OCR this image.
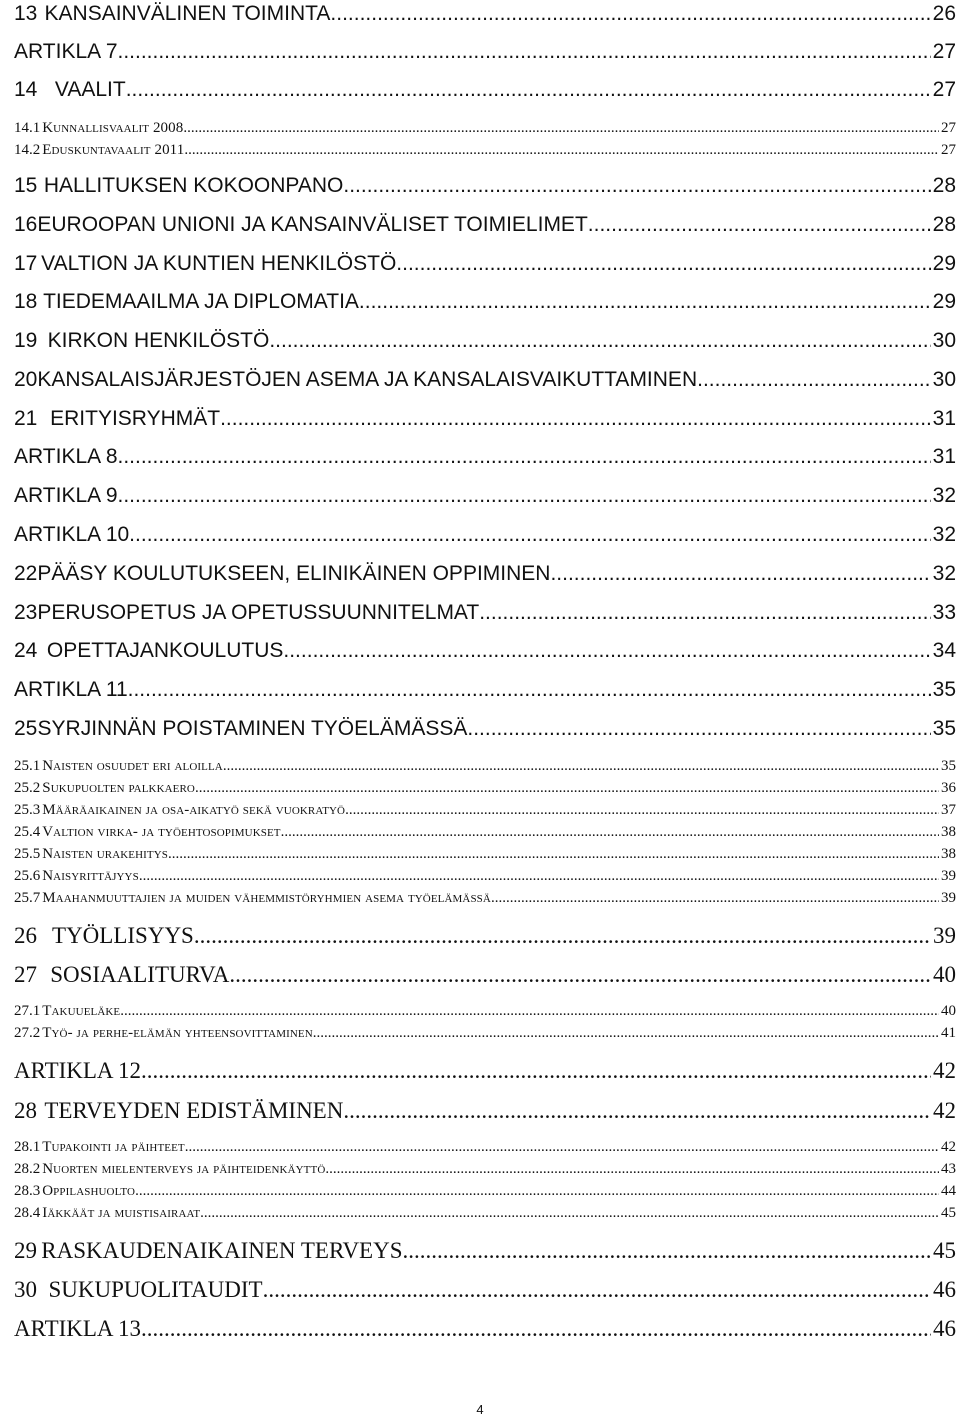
13 KANSAINVÄLINEN TOIMINTA .....	26
ARTIKLA 7. .....	27
14 VAALIT .....	27
14.1 Kunnallisvaalit 2008 .....	27
14.2 Eduskuntavaalit 2011 .....	27
15 HALLITUKSEN KOKOONPANO .....	28
16 EUROOPAN UNIONI JA KANSAINVÄLISET TOIMIELIMET .....	28
17 VALTION JA KUNTIEN HENKILÖSTÖ .....	29
18 TIEDEMAAILMA JA DIPLOMATIA .....	29
19 KIRKON HENKILÖSTÖ .....	30
20 KANSALAISJÄRJESTÖJEN ASEMA JA KANSALAISVAIKUTTAMINEN .....	30
21 ERITYISRYHMÄT .....	31
ARTIKLA 8. .....	31
ARTIKLA 9. .....	32
ARTIKLA 10. .....	32
22 PÄÄSY KOULUTUKSEEN, ELINIKÄINEN OPPIMINEN .....	32
23 PERUSOPETUS JA OPETUSSUUNNITELMAT .....	33
24 OPETTAJANKOULUTUS .....	34
ARTIKLA 11. .....	35
25 SYRJINNÄN POISTAMINEN TYÖELÄMÄSSÄ .....	35
25.1 Naisten osuudet eri aloilla .....	35
25.2 Sukupuolten palkkaero .....	36
25.3 Määräaikainen ja osa-aikatyö sekä vuokratyö .....	37
25.4 Valtion virka- ja työehtosopimukset .....	38
25.5 Naisten urakehitys .....	38
25.6 Naisyrittäjyys .....	39
25.7 Maahanmuuttajien ja muiden vähemmistöryhmien asema työelämässä .....	39
26 TYÖLLISYYS .....	39
27 SOSIAALITURVA .....	40
27.1 Takuueläke .....	40
27.2 Työ- ja perhe-elämän yhteensovittaminen .....	41
ARTIKLA 12. .....	42
28 TERVEYDEN EDISTÄMINEN .....	42
28.1 Tupakointi ja päihteet .....	42
28.2 Nuorten mielenterveys ja päihteidenkäyttö .....	43
28.3 Oppilashuolto .....	44
28.4 Iäkkäät ja muistisairaat .....	45
29 RASKAUDENAIKAINEN TERVEYS .....	45
30 SUKUPUOLITAUDIT .....	46
ARTIKLA 13. .....	46
4
